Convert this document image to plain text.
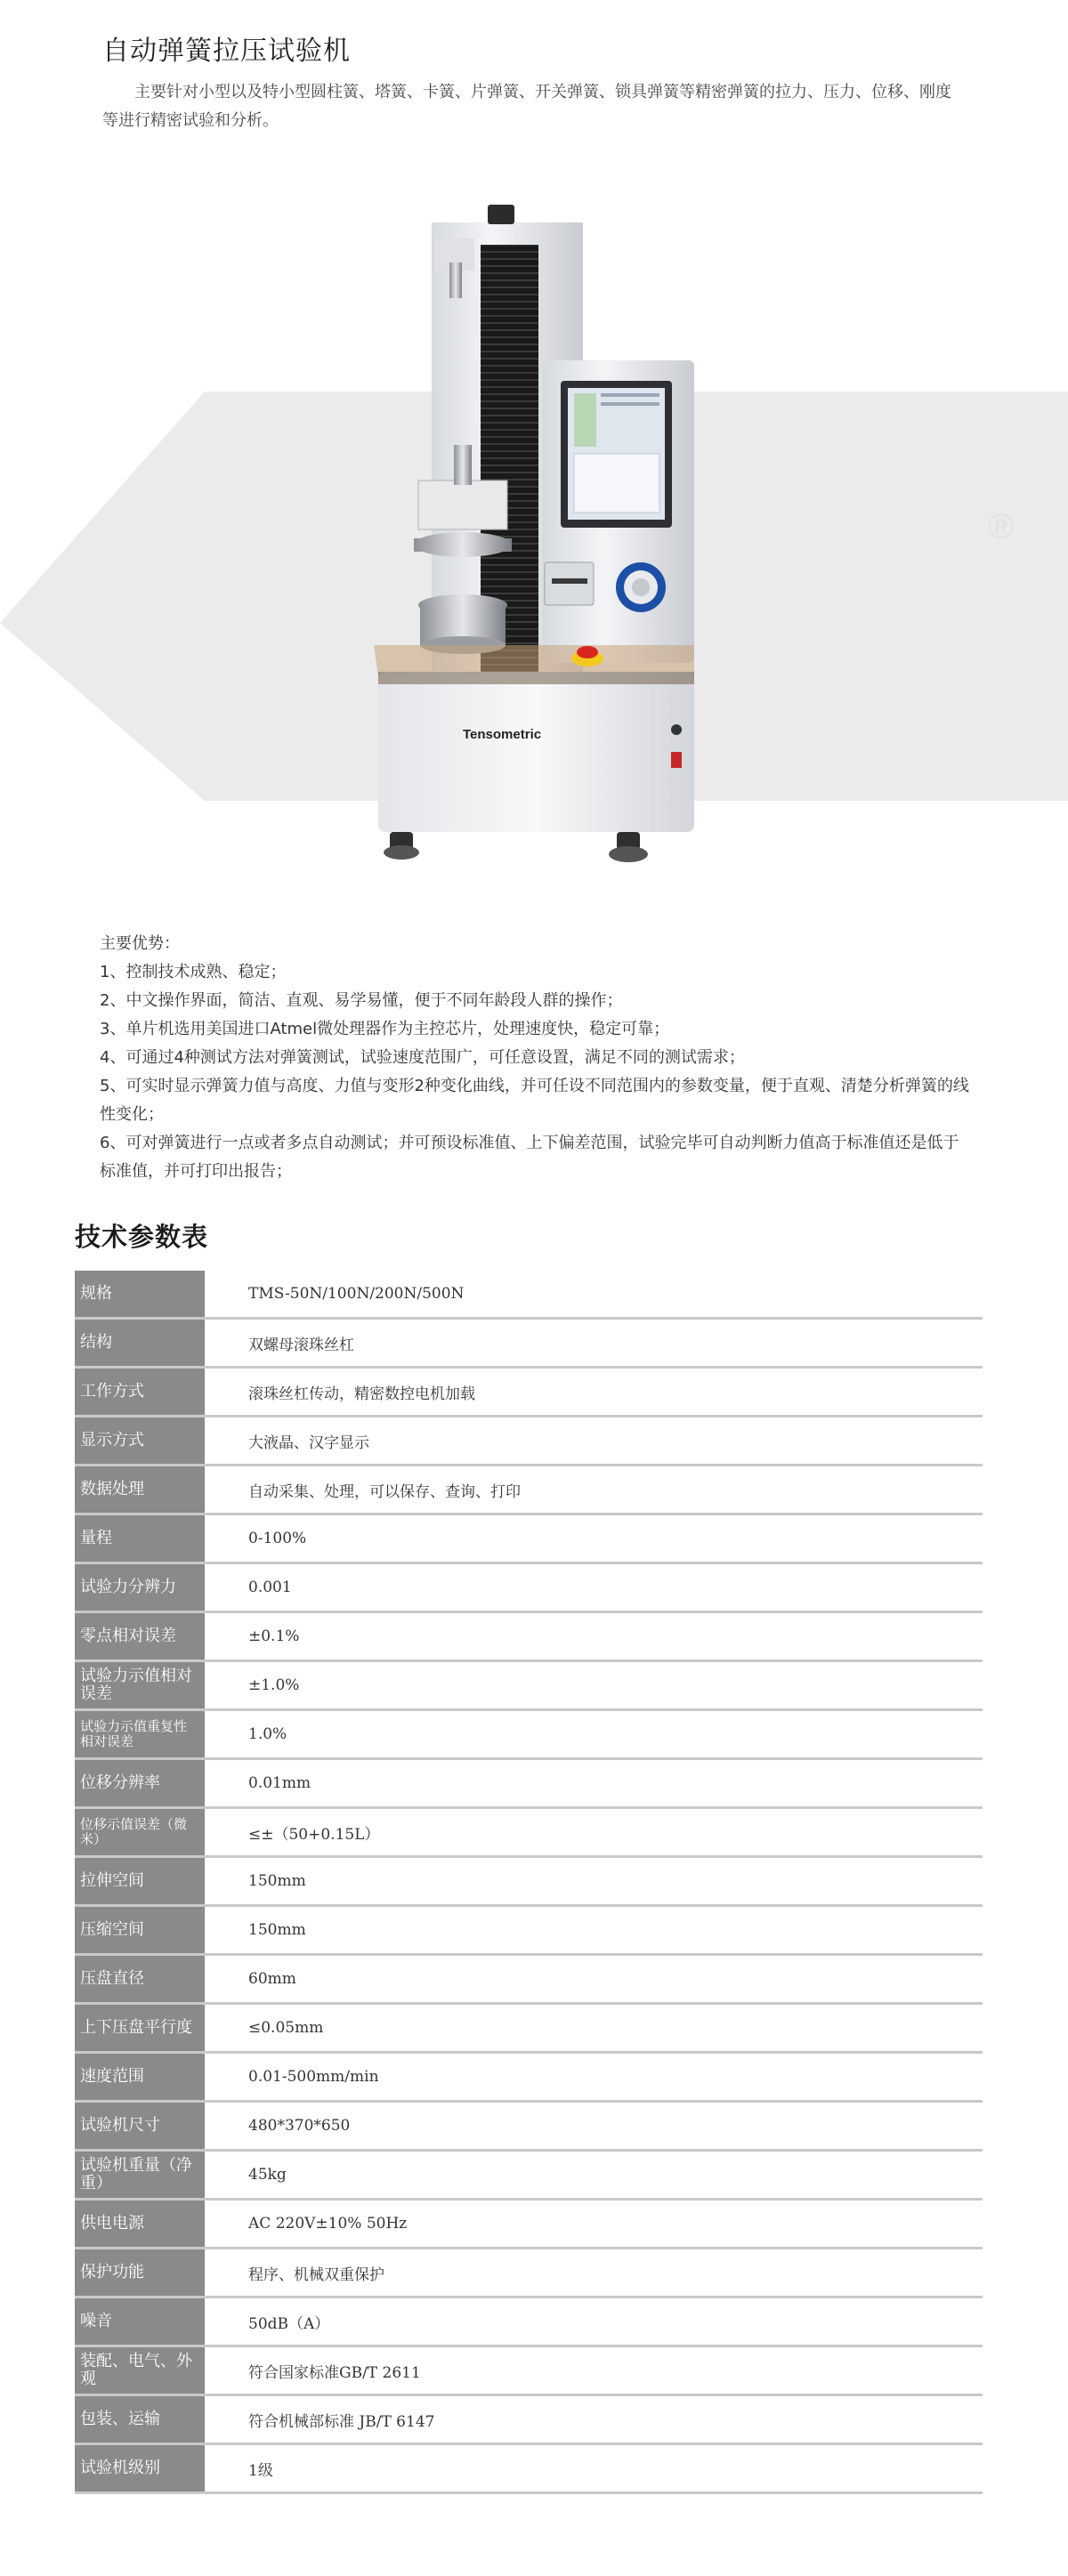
自动弹簧拉压试验机

主要针对小型以及特小型圆柱簧、塔簧、卡簧、片弹簧、开关弹簧、锁具弹簧等精密弹簧的拉力、压力、位移、刚度等进行精密试验和分析。

®
Tensometric

主要优势：

1、控制技术成熟、稳定；

2、中文操作界面，简洁、直观、易学易懂，便于不同年龄段人群的操作；

3、单片机选用美国进口Atmel微处理器作为主控芯片，处理速度快，稳定可靠；

4、可通过4种测试方法对弹簧测试，试验速度范围广，可任意设置，满足不同的测试需求；

5、可实时显示弹簧力值与高度、力值与变形2种变化曲线，并可任设不同范围内的参数变量，便于直观、清楚分析弹簧的线性变化；

6、可对弹簧进行一点或者多点自动测试；并可预设标准值、上下偏差范围，试验完毕可自动判断力值高于标准值还是低于标准值，并可打印出报告；

技术参数表
规格	TMS-50N/100N/200N/500N
结构	双螺母滚珠丝杠
工作方式	滚珠丝杠传动，精密数控电机加载
显示方式	大液晶、汉字显示
数据处理	自动采集、处理，可以保存、查询、打印
量程	0-100%
试验力分辨力	0.001
零点相对误差	±0.1%
试验力示值相对误差	±1.0%
试验力示值重复性相对误差	1.0%
位移分辨率	0.01mm
位移示值误差（微米）	≤±（50+0.15L）
拉伸空间	150mm
压缩空间	150mm
压盘直径	60mm
上下压盘平行度	≤0.05mm
速度范围	0.01-500mm/min
试验机尺寸	480*370*650
试验机重量（净重）	45kg
供电电源	AC 220V±10% 50Hz
保护功能	程序、机械双重保护
噪音	50dB（A）
装配、电气、外观	符合国家标准GB/T 2611
包装、运输	符合机械部标准 JB/T 6147
试验机级别	1级
